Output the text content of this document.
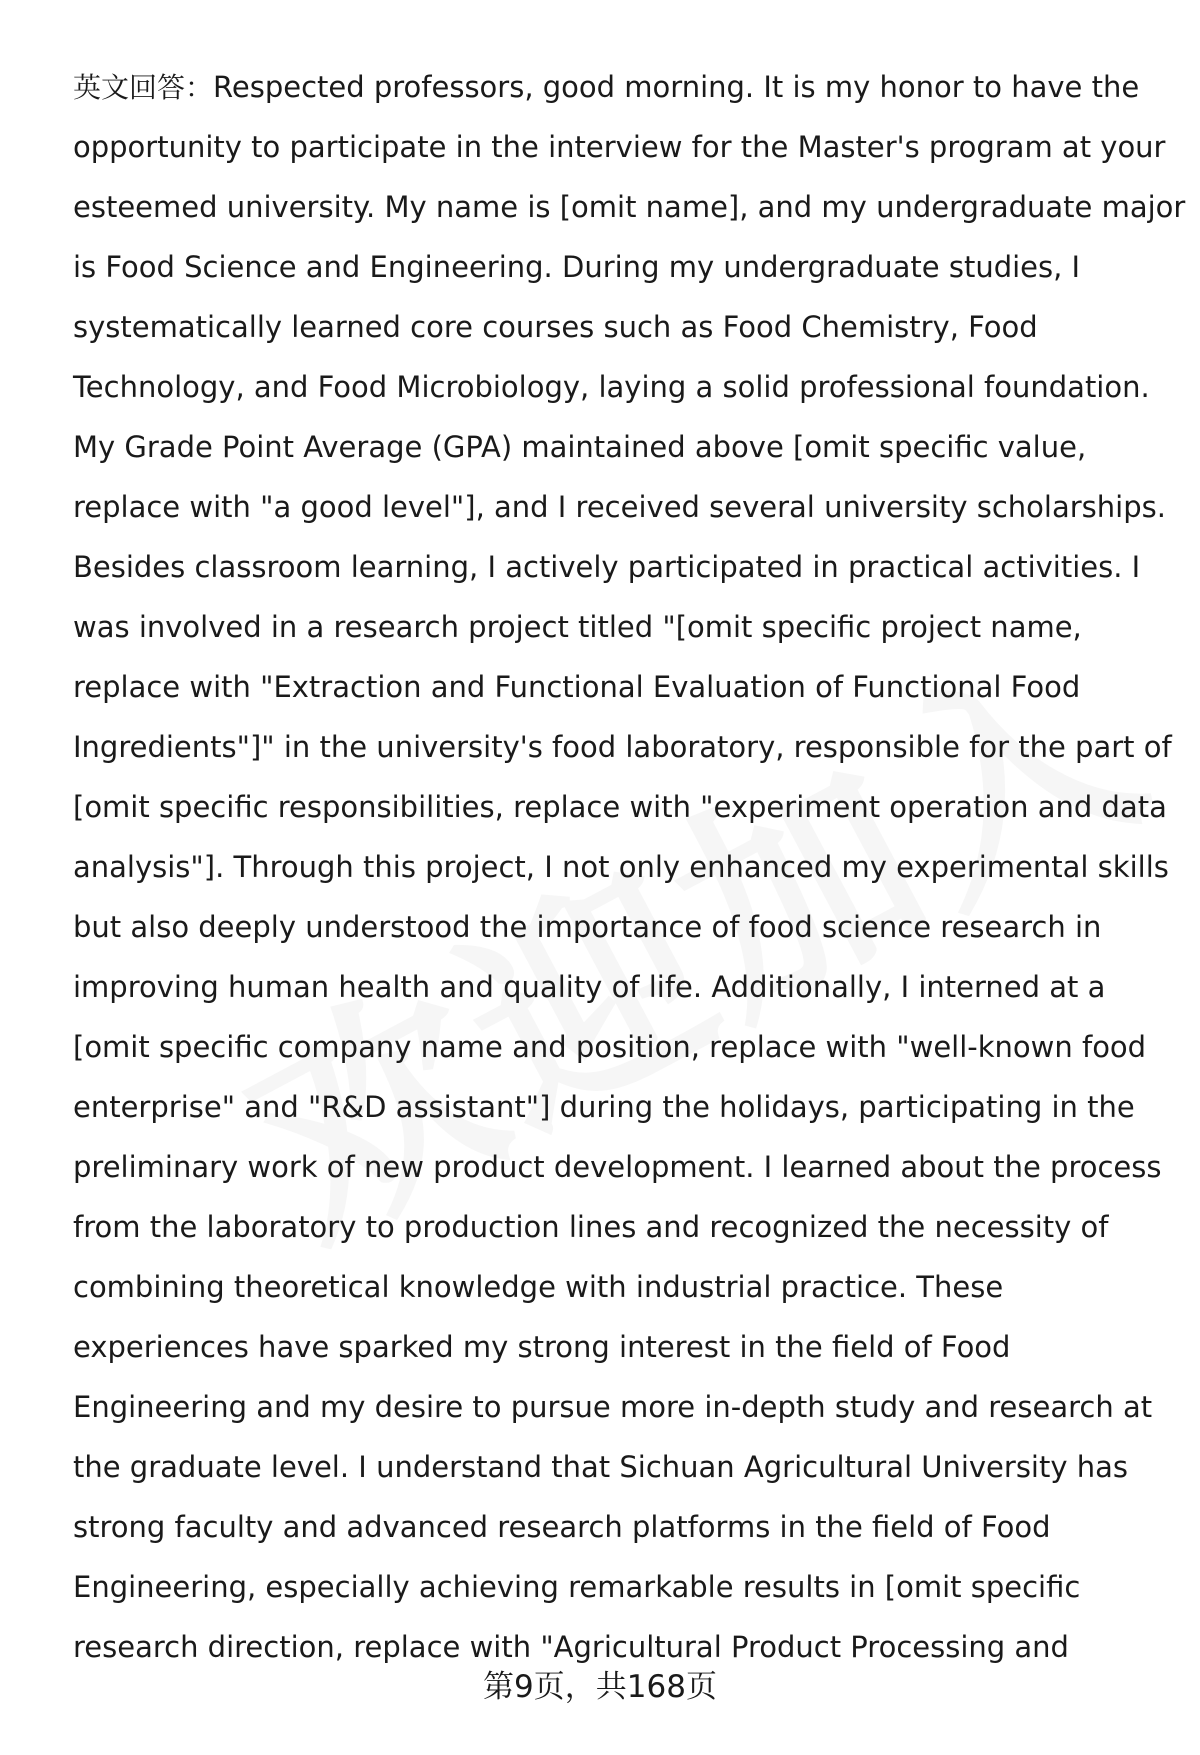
英文回答：Respected professors, good morning. It is my honor to have the
opportunity to participate in the interview for the Master's program at your
esteemed university. My name is [omit name], and my undergraduate major
is Food Science and Engineering. During my undergraduate studies, I
systematically learned core courses such as Food Chemistry, Food
Technology, and Food Microbiology, laying a solid professional foundation.
My Grade Point Average (GPA) maintained above [omit specific value,
replace with "a good level"], and I received several university scholarships.
Besides classroom learning, I actively participated in practical activities. I
was involved in a research project titled "[omit specific project name,
replace with "Extraction and Functional Evaluation of Functional Food
Ingredients"]" in the university's food laboratory, responsible for the part of
[omit specific responsibilities, replace with "experiment operation and data
analysis"]. Through this project, I not only enhanced my experimental skills
but also deeply understood the importance of food science research in
improving human health and quality of life. Additionally, I interned at a
[omit specific company name and position, replace with "well-known food
enterprise" and "R&D assistant"] during the holidays, participating in the
preliminary work of new product development. I learned about the process
from the laboratory to production lines and recognized the necessity of
combining theoretical knowledge with industrial practice. These
experiences have sparked my strong interest in the field of Food
Engineering and my desire to pursue more in-depth study and research at
the graduate level. I understand that Sichuan Agricultural University has
strong faculty and advanced research platforms in the field of Food
Engineering, especially achieving remarkable results in [omit specific
research direction, replace with "Agricultural Product Processing and
第9页，共168页
